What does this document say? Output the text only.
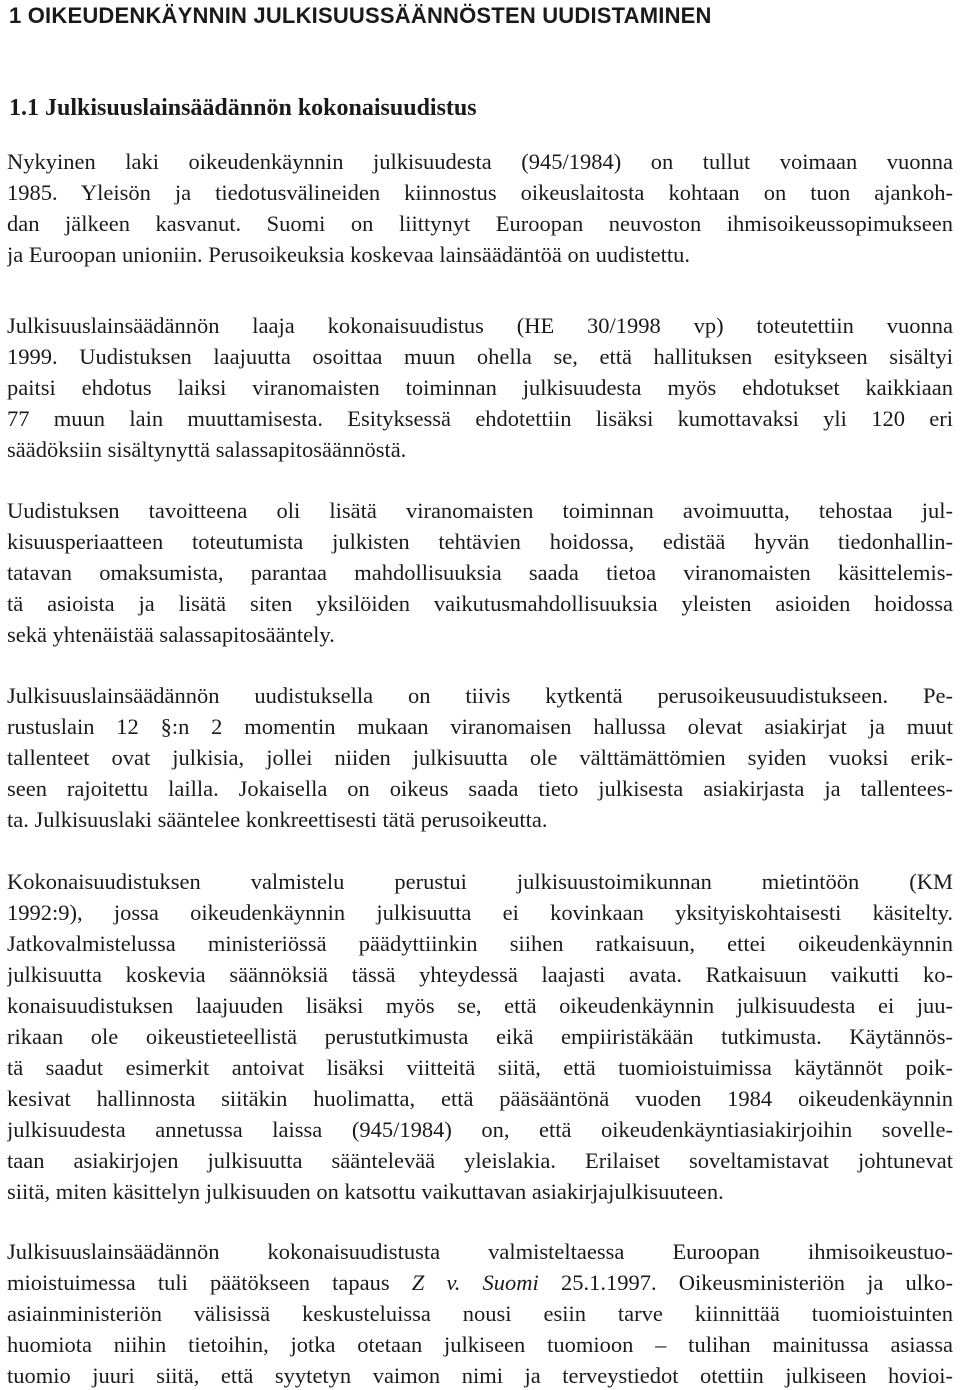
1 OIKEUDENKÄYNNIN JULKISUUSSÄÄNNÖSTEN UUDISTAMINEN
1.1 Julkisuuslainsäädännön kokonaisuudistus

Nykyinen laki oikeudenkäynnin julkisuudesta (945/1984) on tullut voimaan vuonna
1985. Yleisön ja tiedotusvälineiden kiinnostus oikeuslaitosta kohtaan on tuon ajankoh-
dan jälkeen kasvanut. Suomi on liittynyt Euroopan neuvoston ihmisoikeussopimukseen
ja Euroopan unioniin. Perusoikeuksia koskevaa lainsäädäntöä on uudistettu.

Julkisuuslainsäädännön laaja kokonaisuudistus (HE 30/1998 vp) toteutettiin vuonna
1999. Uudistuksen laajuutta osoittaa muun ohella se, että hallituksen esitykseen sisältyi
paitsi ehdotus laiksi viranomaisten toiminnan julkisuudesta myös ehdotukset kaikkiaan
77 muun lain muuttamisesta. Esityksessä ehdotettiin lisäksi kumottavaksi yli 120 eri
säädöksiin sisältynyttä salassapitosäännöstä.

Uudistuksen tavoitteena oli lisätä viranomaisten toiminnan avoimuutta, tehostaa jul-
kisuusperiaatteen toteutumista julkisten tehtävien hoidossa, edistää hyvän tiedonhallin-
tatavan omaksumista, parantaa mahdollisuuksia saada tietoa viranomaisten käsittelemis-
tä asioista ja lisätä siten yksilöiden vaikutusmahdollisuuksia yleisten asioiden hoidossa
sekä yhtenäistää salassapitosääntely.

Julkisuuslainsäädännön uudistuksella on tiivis kytkentä perusoikeusuudistukseen. Pe-
rustuslain 12 §:n 2 momentin mukaan viranomaisen hallussa olevat asiakirjat ja muut
tallenteet ovat julkisia, jollei niiden julkisuutta ole välttämättömien syiden vuoksi erik-
seen rajoitettu lailla. Jokaisella on oikeus saada tieto julkisesta asiakirjasta ja tallentees-
ta. Julkisuuslaki sääntelee konkreettisesti tätä perusoikeutta.

Kokonaisuudistuksen valmistelu perustui julkisuustoimikunnan mietintöön (KM
1992:9), jossa oikeudenkäynnin julkisuutta ei kovinkaan yksityiskohtaisesti käsitelty.
Jatkovalmistelussa ministeriössä päädyttiinkin siihen ratkaisuun, ettei oikeudenkäynnin
julkisuutta koskevia säännöksiä tässä yhteydessä laajasti avata. Ratkaisuun vaikutti ko-
konaisuudistuksen laajuuden lisäksi myös se, että oikeudenkäynnin julkisuudesta ei juu-
rikaan ole oikeustieteellistä perustutkimusta eikä empiiristäkään tutkimusta. Käytännös-
tä saadut esimerkit antoivat lisäksi viitteitä siitä, että tuomioistuimissa käytännöt poik-
kesivat hallinnosta siitäkin huolimatta, että pääsääntönä vuoden 1984 oikeudenkäynnin
julkisuudesta annetussa laissa (945/1984) on, että oikeudenkäyntiasiakirjoihin sovelle-
taan asiakirjojen julkisuutta sääntelevää yleislakia. Erilaiset soveltamistavat johtunevat
siitä, miten käsittelyn julkisuuden on katsottu vaikuttavan asiakirjajulkisuuteen.

Julkisuuslainsäädännön kokonaisuudistusta valmisteltaessa Euroopan ihmisoikeustuo-
mioistuimessa tuli päätökseen tapaus Z v. Suomi 25.1.1997. Oikeusministeriön ja ulko-
asiainministeriön välisissä keskusteluissa nousi esiin tarve kiinnittää tuomioistuinten
huomiota niihin tietoihin, jotka otetaan julkiseen tuomioon – tulihan mainitussa asiassa
tuomio juuri siitä, että syytetyn vaimon nimi ja terveystiedot otettiin julkiseen hovioi-
